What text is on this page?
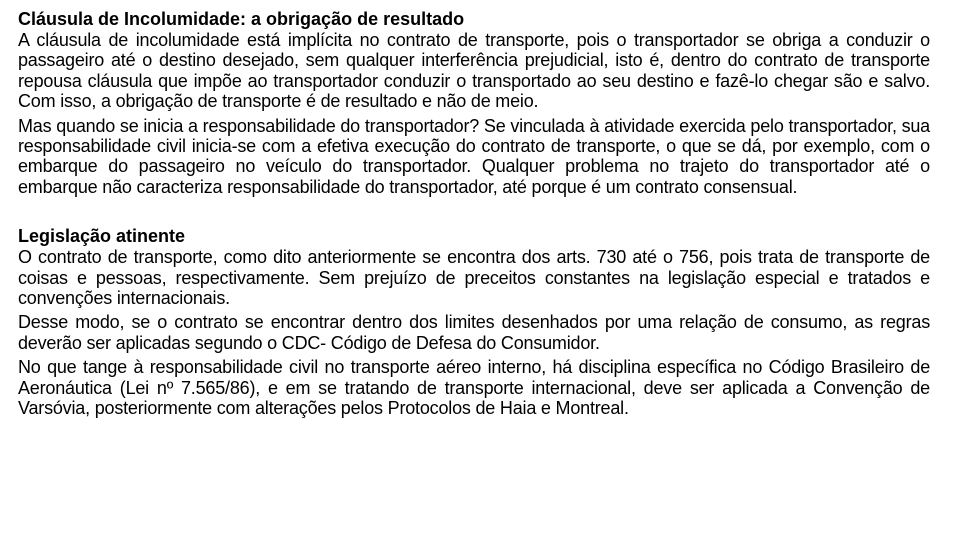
Cláusula de Incolumidade: a obrigação de resultado

A cláusula de incolumidade está implícita no contrato de transporte, pois o transportador se obriga a conduzir o passageiro até o destino desejado, sem qualquer interferência prejudicial, isto é, dentro do contrato de transporte repousa cláusula que impõe ao transportador conduzir o transportado ao seu destino e fazê-lo chegar são e salvo. Com isso, a obrigação de transporte é de resultado e não de meio.

Mas quando se inicia a responsabilidade do transportador? Se vinculada à atividade exercida pelo transportador, sua responsabilidade civil inicia-se com a efetiva execução do contrato de transporte, o que se dá, por exemplo, com o embarque do passageiro no veículo do transportador. Qualquer problema no trajeto do transportador até o embarque não caracteriza responsabilidade do transportador, até porque é um contrato consensual.

Legislação atinente

O contrato de transporte, como dito anteriormente se encontra dos arts. 730 até o 756, pois trata de transporte de coisas e pessoas, respectivamente. Sem prejuízo de preceitos constantes na legislação especial e tratados e convenções internacionais.

Desse modo, se o contrato se encontrar dentro dos limites desenhados por uma relação de consumo, as regras deverão ser aplicadas segundo o CDC- Código de Defesa do Consumidor.

No que tange à responsabilidade civil no transporte aéreo interno, há disciplina específica no Código Brasileiro de Aeronáutica (Lei nº 7.565/86), e em se tratando de transporte internacional, deve ser aplicada a Convenção de Varsóvia, posteriormente com alterações pelos Protocolos de Haia e Montreal.
